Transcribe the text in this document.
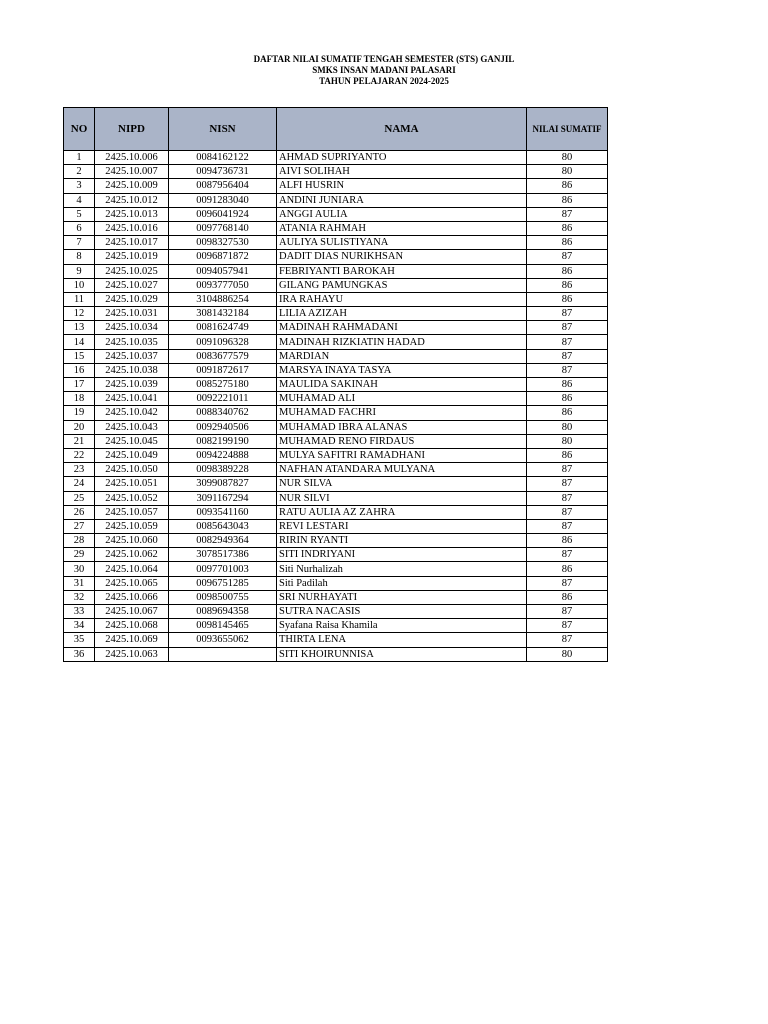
DAFTAR NILAI SUMATIF TENGAH SEMESTER (STS) GANJIL
SMKS INSAN MADANI PALASARI
TAHUN PELAJARAN 2024-2025
NO	NIPD	NISN	NAMA	NILAI SUMATIF
1	2425.10.006	0084162122	AHMAD SUPRIYANTO	80
2	2425.10.007	0094736731	AIVI SOLIHAH	80
3	2425.10.009	0087956404	ALFI HUSRIN	86
4	2425.10.012	0091283040	ANDINI JUNIARA	86
5	2425.10.013	0096041924	ANGGI AULIA	87
6	2425.10.016	0097768140	ATANIA RAHMAH	86
7	2425.10.017	0098327530	AULIYA SULISTIYANA	86
8	2425.10.019	0096871872	DADIT DIAS NURIKHSAN	87
9	2425.10.025	0094057941	FEBRIYANTI BAROKAH	86
10	2425.10.027	0093777050	GILANG PAMUNGKAS	86
11	2425.10.029	3104886254	IRA RAHAYU	86
12	2425.10.031	3081432184	LILIA AZIZAH	87
13	2425.10.034	0081624749	MADINAH RAHMADANI	87
14	2425.10.035	0091096328	MADINAH RIZKIATIN HADAD	87
15	2425.10.037	0083677579	MARDIAN	87
16	2425.10.038	0091872617	MARSYA INAYA TASYA	87
17	2425.10.039	0085275180	MAULIDA SAKINAH	86
18	2425.10.041	0092221011	MUHAMAD ALI	86
19	2425.10.042	0088340762	MUHAMAD FACHRI	86
20	2425.10.043	0092940506	MUHAMAD IBRA ALANAS	80
21	2425.10.045	0082199190	MUHAMAD RENO FIRDAUS	80
22	2425.10.049	0094224888	MULYA SAFITRI RAMADHANI	86
23	2425.10.050	0098389228	NAFHAN ATANDARA MULYANA	87
24	2425.10.051	3099087827	NUR SILVA	87
25	2425.10.052	3091167294	NUR SILVI	87
26	2425.10.057	0093541160	RATU AULIA AZ ZAHRA	87
27	2425.10.059	0085643043	REVI LESTARI	87
28	2425.10.060	0082949364	RIRIN RYANTI	86
29	2425.10.062	3078517386	SITI INDRIYANI	87
30	2425.10.064	0097701003	Siti Nurhalizah	86
31	2425.10.065	0096751285	Siti Padilah	87
32	2425.10.066	0098500755	SRI NURHAYATI	86
33	2425.10.067	0089694358	SUTRA NACASIS	87
34	2425.10.068	0098145465	Syafana Raisa Khamila	87
35	2425.10.069	0093655062	THIRTA LENA	87
36	2425.10.063		SITI KHOIRUNNISA	80
